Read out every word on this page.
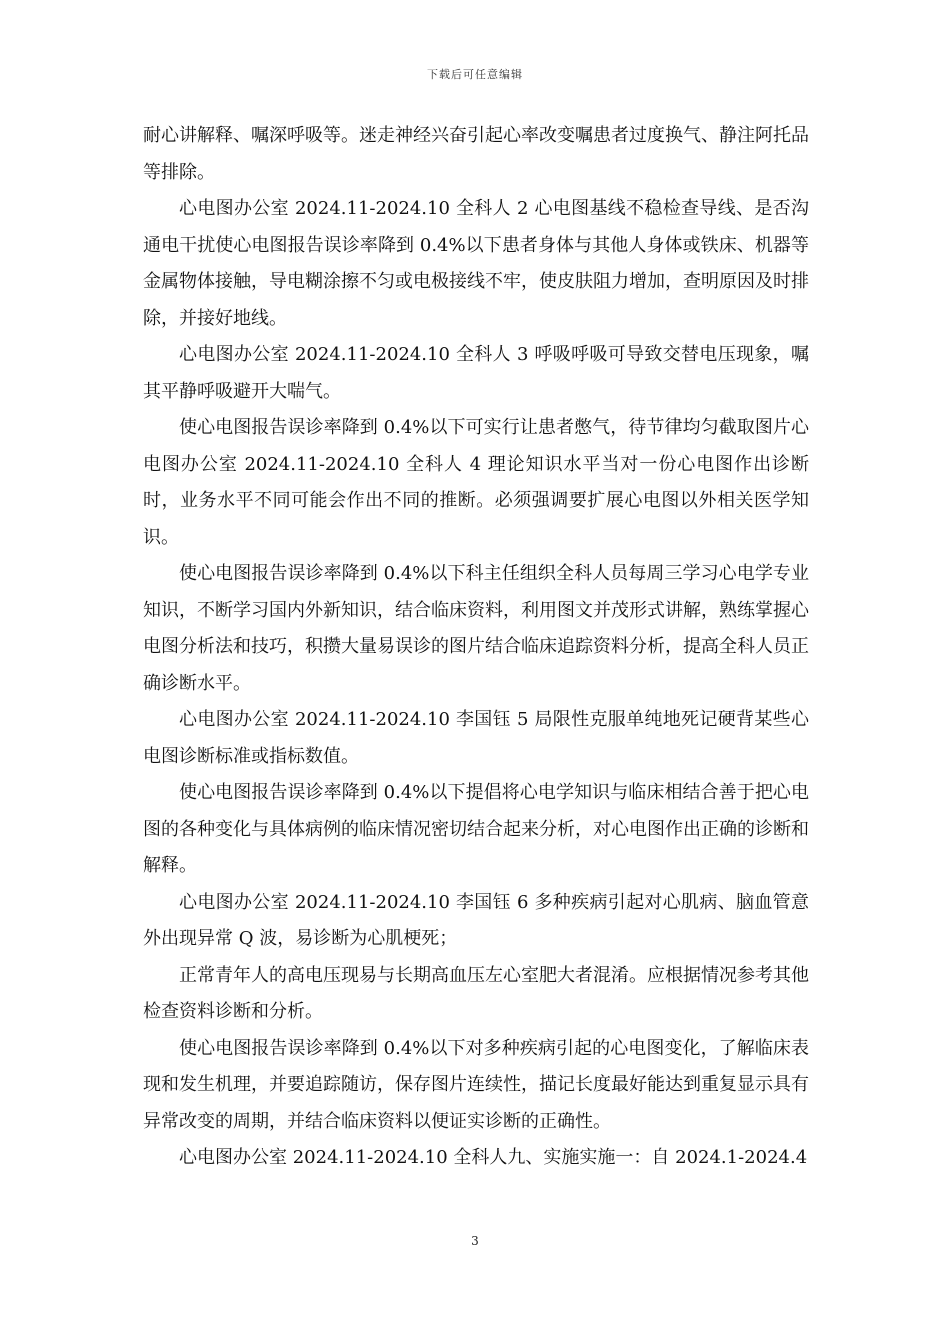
下载后可任意编辑

耐心讲解释、嘱深呼吸等。迷走神经兴奋引起心率改变嘱患者过度换气、静注阿托品等排除。

心电图办公室 2024.11-2024.10 全科人 2 心电图基线不稳检查导线、是否沟通电干扰使心电图报告误诊率降到 0.4%以下患者身体与其他人身体或铁床、机器等金属物体接触，导电糊涂擦不匀或电极接线不牢，使皮肤阻力增加，查明原因及时排除，并接好地线。

心电图办公室 2024.11-2024.10 全科人 3 呼吸呼吸可导致交替电压现象，嘱其平静呼吸避开大喘气。

使心电图报告误诊率降到 0.4%以下可实行让患者憋气，待节律均匀截取图片心电图办公室 2024.11-2024.10 全科人 4 理论知识水平当对一份心电图作出诊断时，业务水平不同可能会作出不同的推断。必须强调要扩展心电图以外相关医学知识。

使心电图报告误诊率降到 0.4%以下科主任组织全科人员每周三学习心电学专业知识，不断学习国内外新知识，结合临床资料，利用图文并茂形式讲解，熟练掌握心电图分析法和技巧，积攒大量易误诊的图片结合临床追踪资料分析，提高全科人员正确诊断水平。

心电图办公室 2024.11-2024.10 李国钰 5 局限性克服单纯地死记硬背某些心电图诊断标准或指标数值。

使心电图报告误诊率降到 0.4%以下提倡将心电学知识与临床相结合善于把心电图的各种变化与具体病例的临床情况密切结合起来分析，对心电图作出正确的诊断和解释。

心电图办公室 2024.11-2024.10 李国钰 6 多种疾病引起对心肌病、脑血管意外出现异常 Q 波，易诊断为心肌梗死；

正常青年人的高电压现易与长期高血压左心室肥大者混淆。应根据情况参考其他检查资料诊断和分析。

使心电图报告误诊率降到 0.4%以下对多种疾病引起的心电图变化，了解临床表现和发生机理，并要追踪随访，保存图片连续性，描记长度最好能达到重复显示具有异常改变的周期，并结合临床资料以便证实诊断的正确性。

心电图办公室 2024.11-2024.10 全科人九、实施实施一：自 2024.1-2024.4

3
